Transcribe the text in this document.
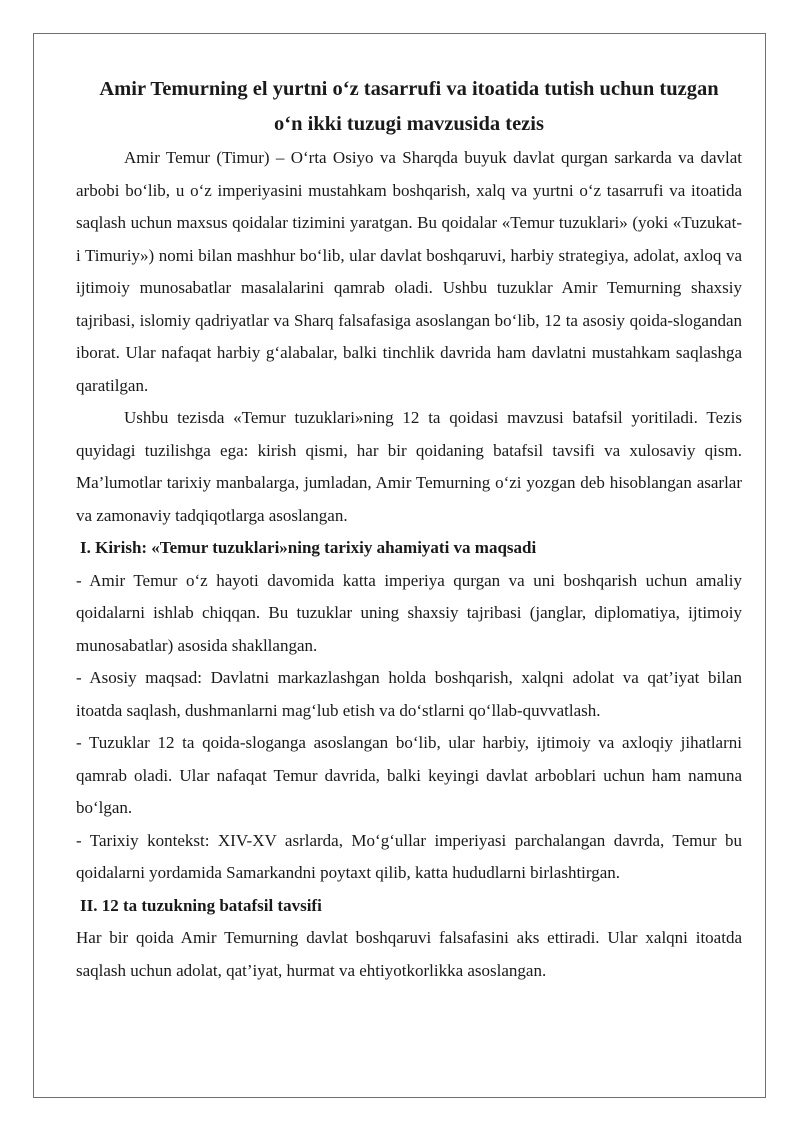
Amir Temurning el yurtni o‘z tasarrufi va itoatida tutish uchun tuzgan
o‘n ikki tuzugi mavzusida tezis

Amir Temur (Timur) – O‘rta Osiyo va Sharqda buyuk davlat qurgan sarkarda va davlat arbobi bo‘lib, u o‘z imperiyasini mustahkam boshqarish, xalq va yurtni o‘z tasarrufi va itoatida saqlash uchun maxsus qoidalar tizimini yaratgan. Bu qoidalar «Temur tuzuklari» (yoki «Tuzukat-i Timuriy») nomi bilan mashhur bo‘lib, ular davlat boshqaruvi, harbiy strategiya, adolat, axloq va ijtimoiy munosabatlar masalalarini qamrab oladi. Ushbu tuzuklar Amir Temurning shaxsiy tajribasi, islomiy qadriyatlar va Sharq falsafasiga asoslangan bo‘lib, 12 ta asosiy qoida-slogandan iborat. Ular nafaqat harbiy g‘alabalar, balki tinchlik davrida ham davlatni mustahkam saqlashga qaratilgan.

Ushbu tezisda «Temur tuzuklari»ning 12 ta qoidasi mavzusi batafsil yoritiladi. Tezis quyidagi tuzilishga ega: kirish qismi, har bir qoidaning batafsil tavsifi va xulosaviy qism. Ma’lumotlar tarixiy manbalarga, jumladan, Amir Temurning o‘zi yozgan deb hisoblangan asarlar va zamonaviy tadqiqotlarga asoslangan.

I. Kirish: «Temur tuzuklari»ning tarixiy ahamiyati va maqsadi

- Amir Temur o‘z hayoti davomida katta imperiya qurgan va uni boshqarish uchun amaliy qoidalarni ishlab chiqqan. Bu tuzuklar uning shaxsiy tajribasi (janglar, diplomatiya, ijtimoiy munosabatlar) asosida shakllangan.

- Asosiy maqsad: Davlatni markazlashgan holda boshqarish, xalqni adolat va qat’iyat bilan itoatda saqlash, dushmanlarni mag‘lub etish va do‘stlarni qo‘llab-quvvatlash.

- Tuzuklar 12 ta qoida-sloganga asoslangan bo‘lib, ular harbiy, ijtimoiy va axloqiy jihatlarni qamrab oladi. Ular nafaqat Temur davrida, balki keyingi davlat arboblari uchun ham namuna bo‘lgan.

- Tarixiy kontekst: XIV-XV asrlarda, Mo‘g‘ullar imperiyasi parchalangan davrda, Temur bu qoidalarni yordamida Samarkandni poytaxt qilib, katta hududlarni birlashtirgan.

II. 12 ta tuzukning batafsil tavsifi

Har bir qoida Amir Temurning davlat boshqaruvi falsafasini aks ettiradi. Ular xalqni itoatda saqlash uchun adolat, qat’iyat, hurmat va ehtiyotkorlikka asoslangan.
